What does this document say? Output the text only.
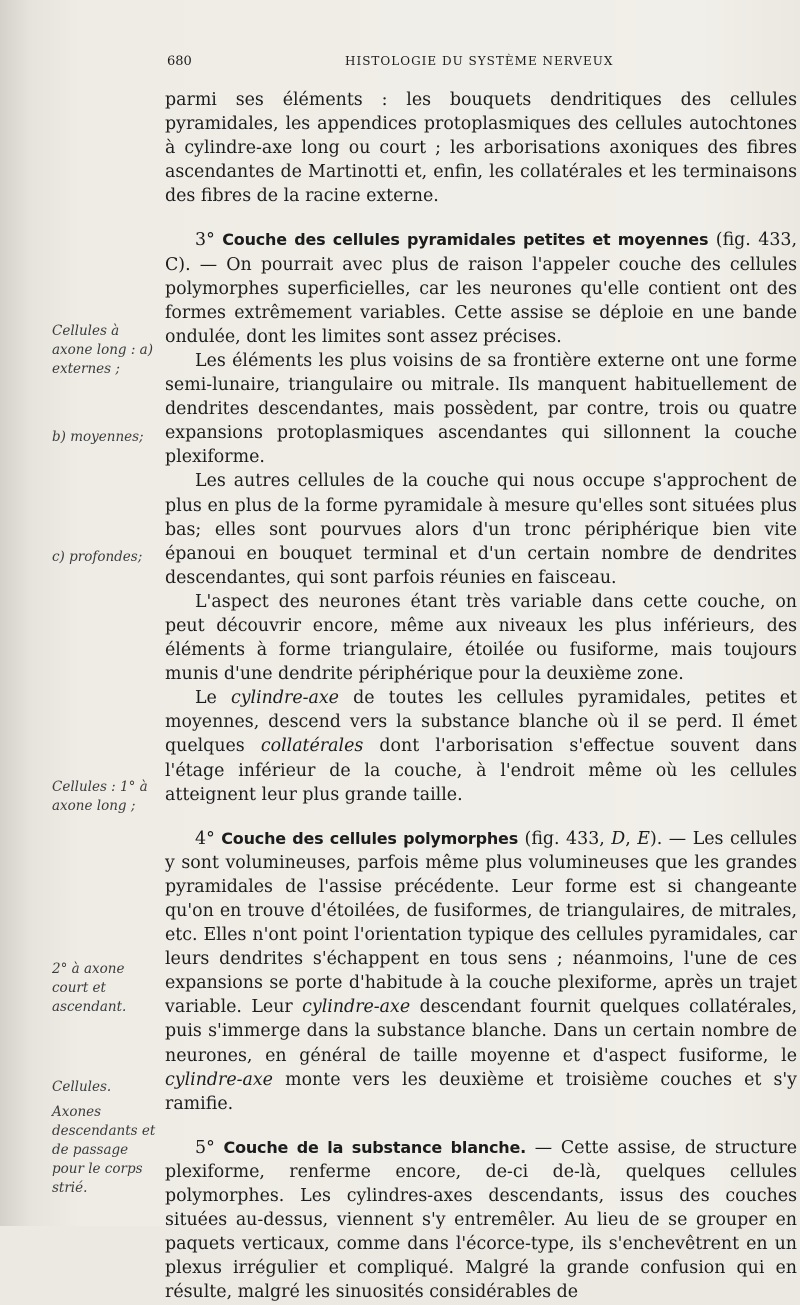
680	HISTOLOGIE DU SYSTÈME NERVEUX

Cellules à axone long : a) externes ;

b) moyennes;

c) profondes;

Cellules : 1° à axone long ;

2° à axone court et ascendant.

Cellules.

Axones descendants et de passage pour le corps strié.

parmi ses éléments : les bouquets dendritiques des cellules pyramidales, les appendices protoplasmiques des cellules autochtones à cylindre-axe long ou court ; les arborisations axoniques des fibres ascendantes de Martinotti et, enfin, les collatérales et les terminaisons des fibres de la racine externe.

3° Couche des cellules pyramidales petites et moyennes (fig. 433, C). — On pourrait avec plus de raison l'appeler couche des cellules polymorphes superficielles, car les neurones qu'elle contient ont des formes extrêmement variables. Cette assise se déploie en une bande ondulée, dont les limites sont assez précises.

Les éléments les plus voisins de sa frontière externe ont une forme semi-lunaire, triangulaire ou mitrale. Ils manquent habituellement de dendrites descendantes, mais possèdent, par contre, trois ou quatre expansions protoplasmiques ascendantes qui sillonnent la couche plexiforme.

Les autres cellules de la couche qui nous occupe s'approchent de plus en plus de la forme pyramidale à mesure qu'elles sont situées plus bas; elles sont pourvues alors d'un tronc périphérique bien vite épanoui en bouquet terminal et d'un certain nombre de dendrites descendantes, qui sont parfois réunies en faisceau.

L'aspect des neurones étant très variable dans cette couche, on peut découvrir encore, même aux niveaux les plus inférieurs, des éléments à forme triangulaire, étoilée ou fusiforme, mais toujours munis d'une dendrite périphérique pour la deuxième zone.

Le cylindre-axe de toutes les cellules pyramidales, petites et moyennes, descend vers la substance blanche où il se perd. Il émet quelques collatérales dont l'arborisation s'effectue souvent dans l'étage inférieur de la couche, à l'endroit même où les cellules atteignent leur plus grande taille.

4° Couche des cellules polymorphes (fig. 433, D, E). — Les cellules y sont volumineuses, parfois même plus volumineuses que les grandes pyramidales de l'assise précédente. Leur forme est si changeante qu'on en trouve d'étoilées, de fusiformes, de triangulaires, de mitrales, etc. Elles n'ont point l'orientation typique des cellules pyramidales, car leurs dendrites s'échappent en tous sens ; néanmoins, l'une de ces expansions se porte d'habitude à la couche plexiforme, après un trajet variable. Leur cylindre-axe descendant fournit quelques collatérales, puis s'immerge dans la substance blanche. Dans un certain nombre de neurones, en général de taille moyenne et d'aspect fusiforme, le cylindre-axe monte vers les deuxième et troisième couches et s'y ramifie.

5° Couche de la substance blanche. — Cette assise, de structure plexiforme, renferme encore, de-ci de-là, quelques cellules polymorphes. Les cylindres-axes descendants, issus des couches situées au-dessus, viennent s'y entremêler. Au lieu de se grouper en paquets verticaux, comme dans l'écorce-type, ils s'enchevêtrent en un plexus irrégulier et compliqué. Malgré la grande confusion qui en résulte, malgré les sinuosités considérables de
